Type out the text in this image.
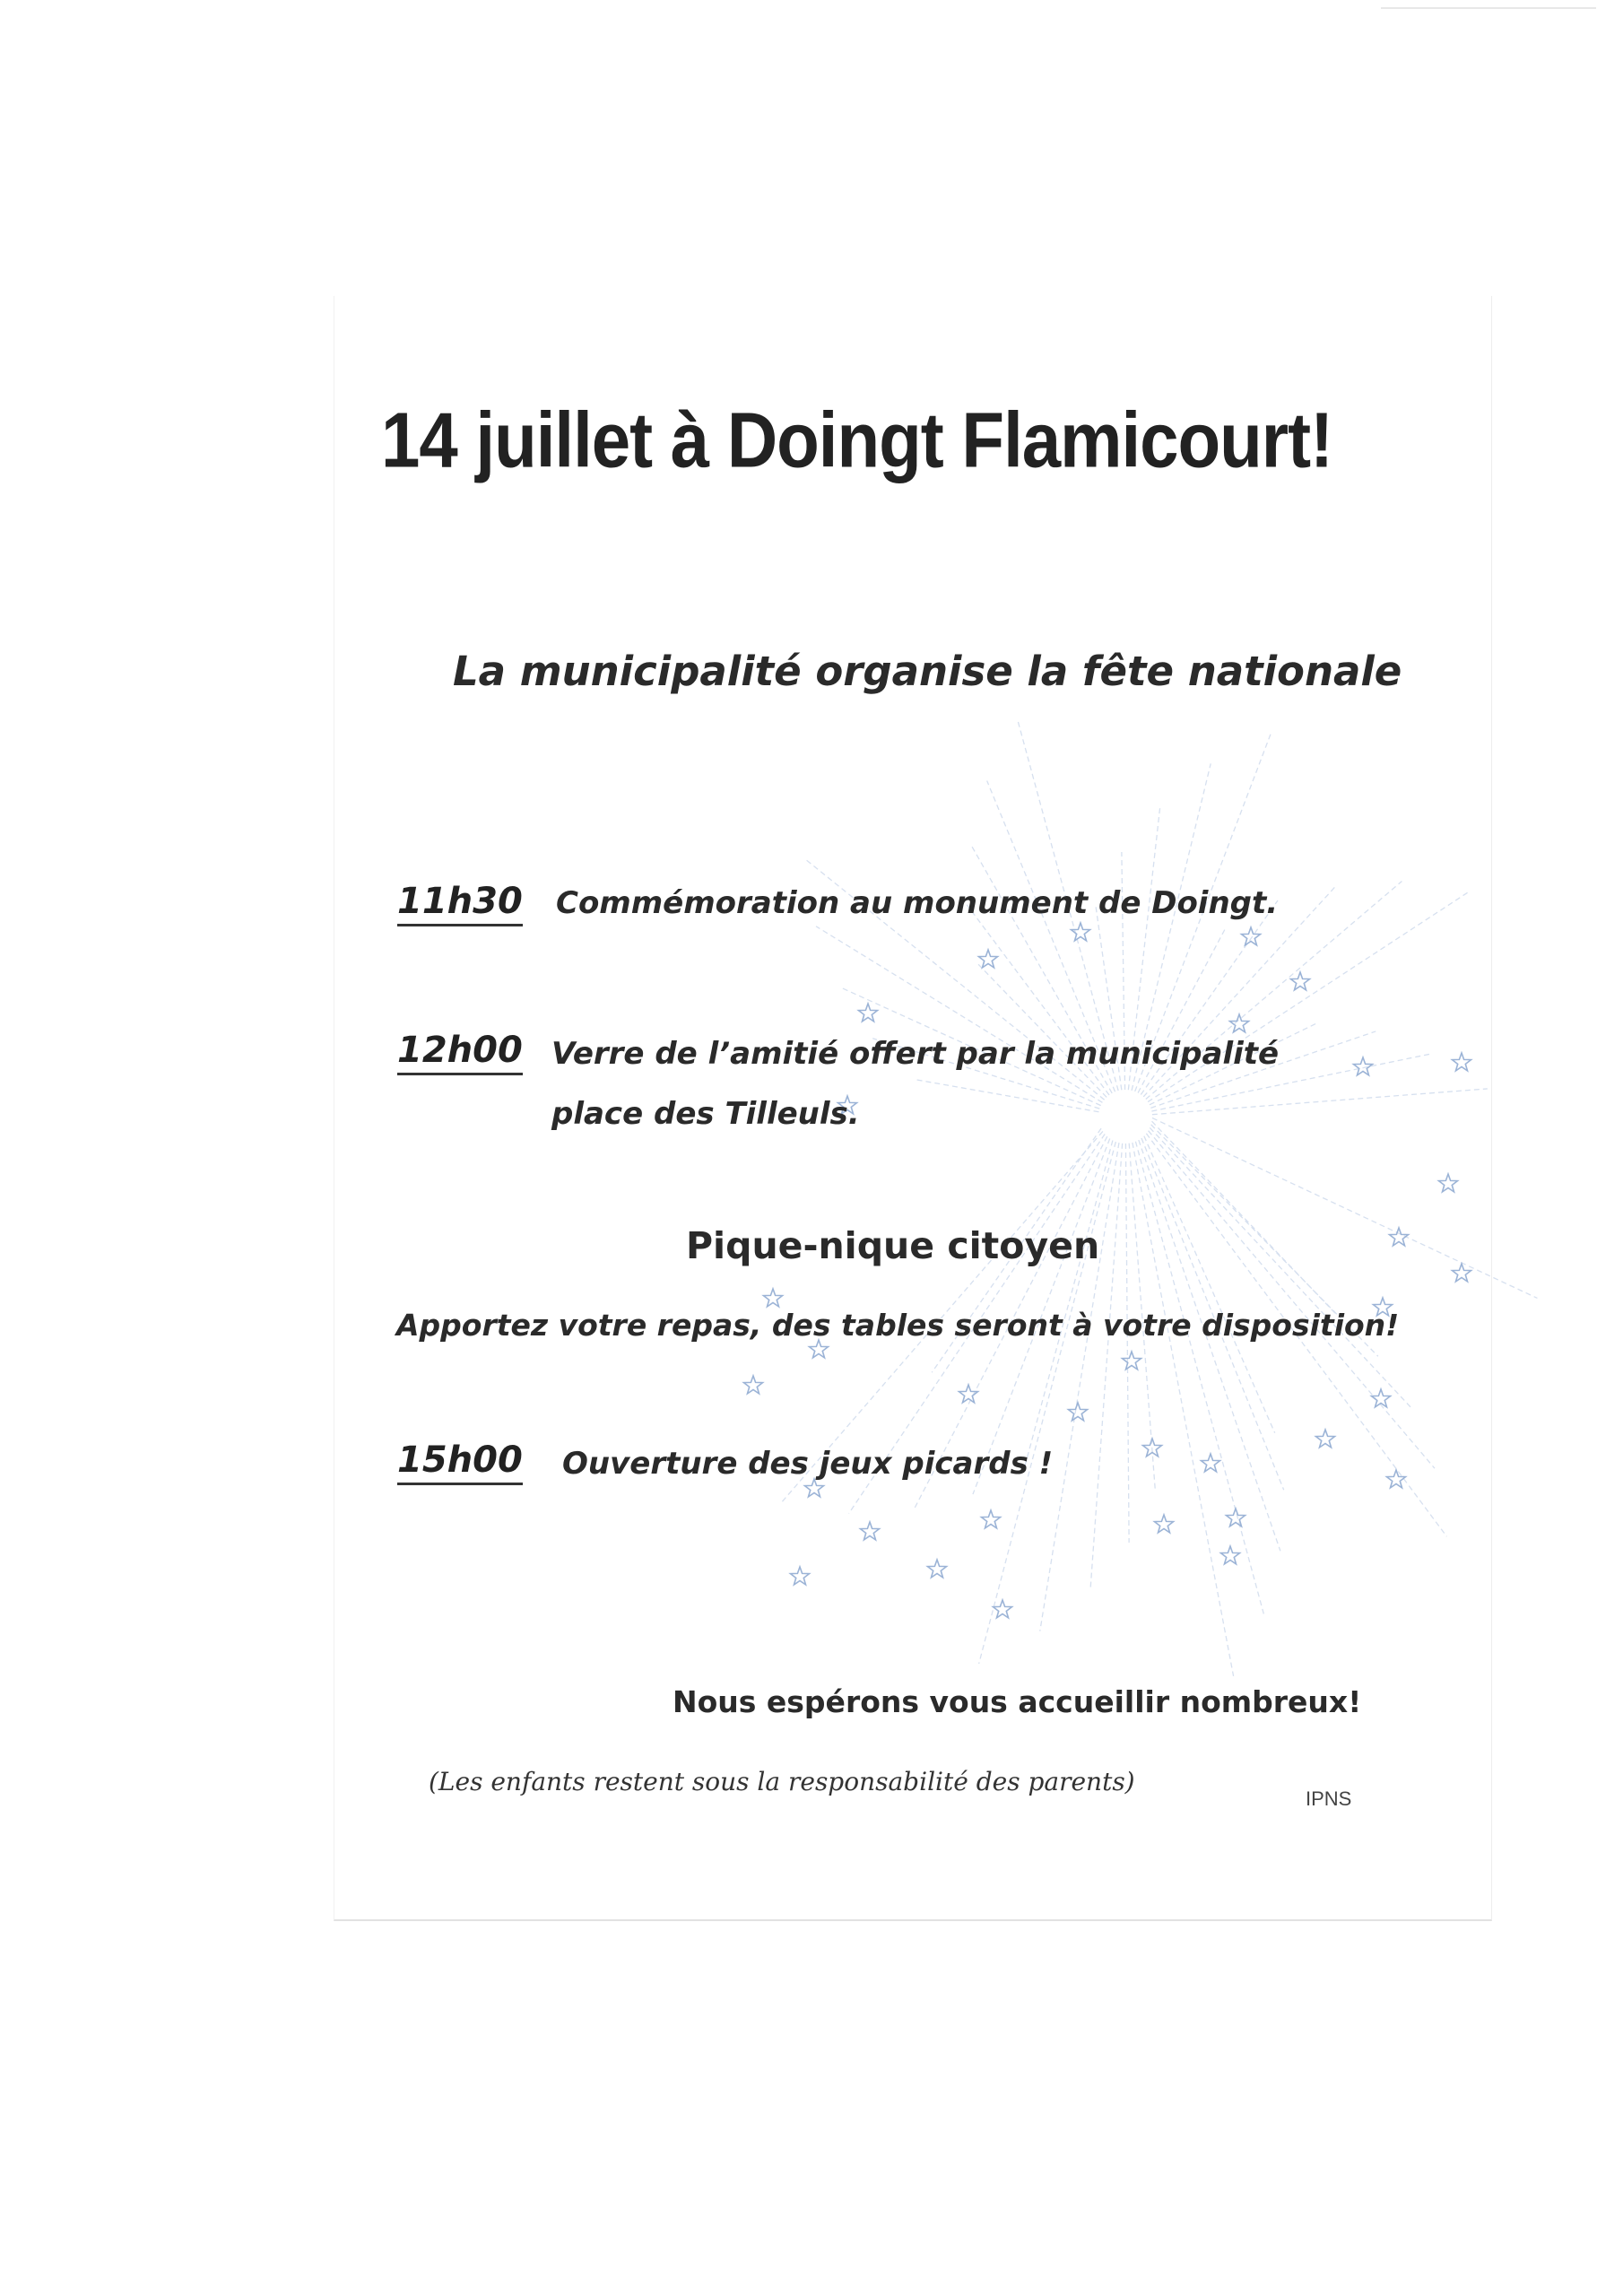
14 juillet à Doingt Flamicourt!

La municipalité organise la fête nationale

11h30 Commémoration au monument de Doingt.
12h00 Verre de l’amitié offert par la municipalité
place des Tilleuls.

Pique-nique citoyen

Apportez votre repas, des tables seront à votre disposition!

15h00 Ouverture des jeux picards !

Nous espérons vous accueillir nombreux!

(Les enfants restent sous la responsabilité des parents)

IPNS
